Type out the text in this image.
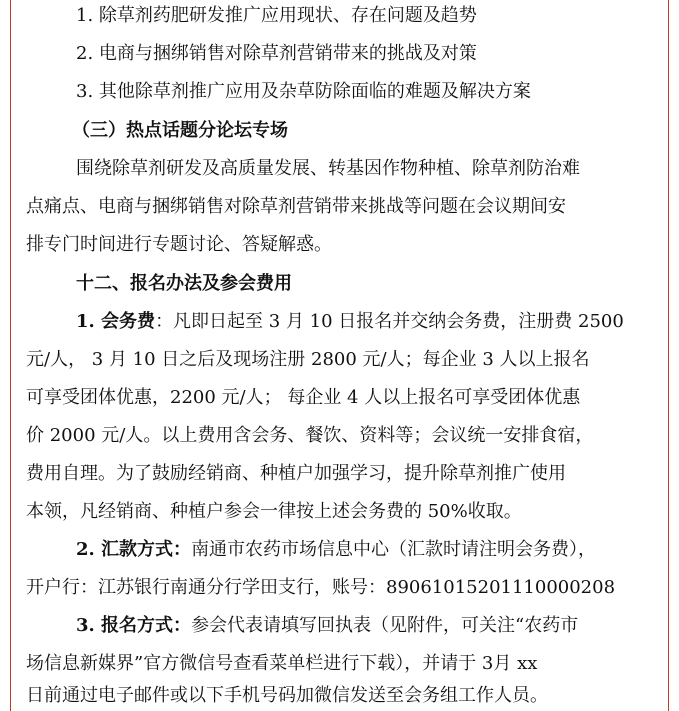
1. 除草剂药肥研发推广应用现状、存在问题及趋势
2. 电商与捆绑销售对除草剂营销带来的挑战及对策
3. 其他除草剂推广应用及杂草防除面临的难题及解决方案
（三）热点话题分论坛专场
围绕除草剂研发及高质量发展、转基因作物种植、除草剂防治难
点痛点、电商与捆绑销售对除草剂营销带来挑战等问题在会议期间安
排专门时间进行专题讨论、答疑解惑。
十二、报名办法及参会费用
1. 会务费：凡即日起至 3 月 10 日报名并交纳会务费，注册费 2500
元/人， 3 月 10 日之后及现场注册 2800 元/人；每企业 3 人以上报名
可享受团体优惠，2200 元/人； 每企业 4 人以上报名可享受团体优惠
价 2000 元/人。以上费用含会务、餐饮、资料等；会议统一安排食宿，
费用自理。为了鼓励经销商、种植户加强学习，提升除草剂推广使用
本领，凡经销商、种植户参会一律按上述会务费的 50%收取。
2. 汇款方式：南通市农药市场信息中心（汇款时请注明会务费），
开户行：江苏银行南通分行学田支行，账号：89061015201110000208
3. 报名方式：参会代表请填写回执表（见附件，可关注“农药市
场信息新媒界”官方微信号查看菜单栏进行下载），并请于 3月 xx
日前通过电子邮件或以下手机号码加微信发送至会务组工作人员。
